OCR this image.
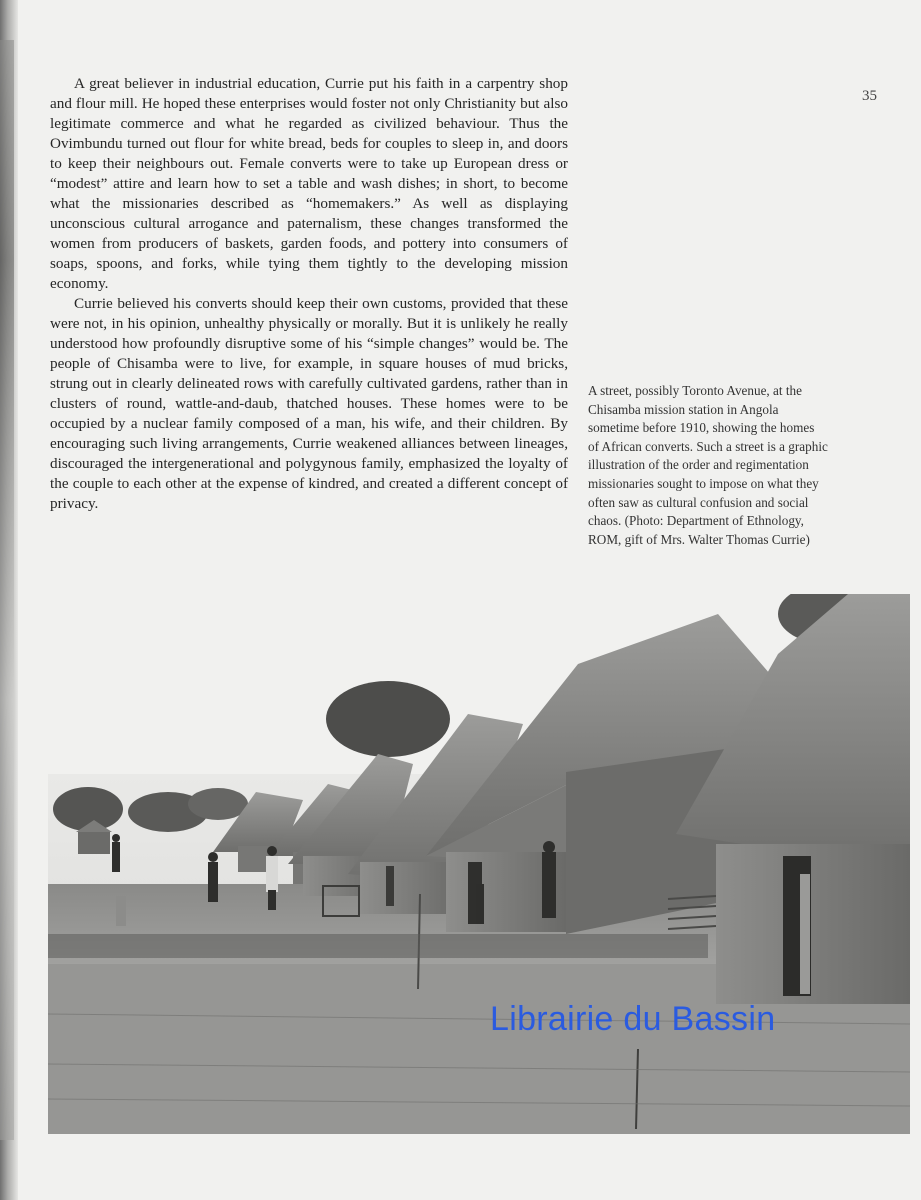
35

A great believer in industrial education, Currie put his faith in a carpentry shop and flour mill. He hoped these enterprises would foster not only Christianity but also legitimate commerce and what he regarded as civilized behaviour. Thus the Ovimbundu turned out flour for white bread, beds for couples to sleep in, and doors to keep their neighbours out. Female converts were to take up European dress or “modest” attire and learn how to set a table and wash dishes; in short, to become what the missionaries described as “homemakers.” As well as displaying unconscious cultural arrogance and paternalism, these changes transformed the women from producers of baskets, garden foods, and pottery into consumers of soaps, spoons, and forks, while tying them tightly to the developing mission economy.

Currie believed his converts should keep their own customs, provided that these were not, in his opinion, unhealthy physically or morally. But it is unlikely he really understood how profoundly disruptive some of his “simple changes” would be. The people of Chisamba were to live, for example, in square houses of mud bricks, strung out in clearly delineated rows with carefully cultivated gardens, rather than in clusters of round, wattle-and-daub, thatched houses. These homes were to be occupied by a nuclear family composed of a man, his wife, and their children. By encouraging such living arrangements, Currie weakened alliances between lineages, discouraged the intergenerational and polygynous family, emphasized the loyalty of the couple to each other at the expense of kindred, and created a different concept of privacy.

A street, possibly Toronto Avenue, at the Chisamba mission station in Angola sometime before 1910, showing the homes of African converts. Such a street is a graphic illustration of the order and regimentation missionaries sought to impose on what they often saw as cultural confusion and social chaos. (Photo: Department of Ethnology, ROM, gift of Mrs. Walter Thomas Currie)
Librairie du Bassin
